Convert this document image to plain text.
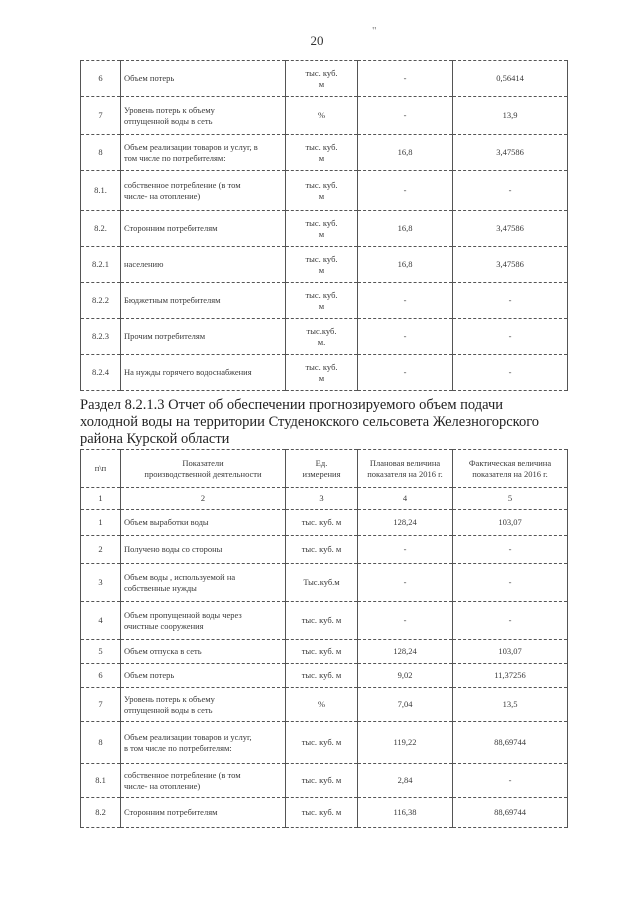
20
"
6	Объем потерь	тыс. куб.
м	-	0,56414
7	Уровень потерь к объему
отпущенной воды в сеть	%	-	13,9
8	Объем реализации товаров и услуг, в
том числе по потребителям:	тыс. куб.
м	16,8	3,47586
8.1.	собственное потребление (в том
числе- на отопление)	тыс. куб.
м	-	-
8.2.	Сторонним потребителям	тыс. куб.
м	16,8	3,47586
8.2.1	населению	тыс. куб.
м	16,8	3,47586
8.2.2	Бюджетным потребителям	тыс. куб.
м	-	-
8.2.3	Прочим потребителям	тыс.куб.
м.	-	-
8.2.4	На нужды горячего водоснабжения	тыс. куб.
м	-	-
Раздел 8.2.1.3 Отчет об обеспечении прогнозируемого объем подачи
холодной воды на территории Студенокского сельсовета Железногорского
района Курской области
п\п	Показатели
производственной деятельности	Ед.
измерения	Плановая величина
показателя на 2016 г.	Фактическая величина
показателя на 2016 г.
1	2	3	4	5
1	Объем выработки воды	тыс. куб. м	128,24	103,07
2	Получено воды со стороны	тыс. куб. м	-	-
3	Объем воды , используемой на
собственные нужды	Тыс.куб.м	-	-
4	Объем пропущенной воды через
очистные сооружения	тыс. куб. м	-	-
5	Объем отпуска в сеть	тыс. куб. м	128,24	103,07
6	Объем потерь	тыс. куб. м	9,02	11,37256
7	Уровень потерь к объему
отпущенной воды в сеть	%	7,04	13,5
8	Объем реализации товаров и услуг,
в том числе по потребителям:	тыс. куб. м	119,22	88,69744
8.1	собственное потребление (в том
числе- на отопление)	тыс. куб. м	2,84	-
8.2	Сторонним потребителям	тыс. куб. м	116,38	88,69744
